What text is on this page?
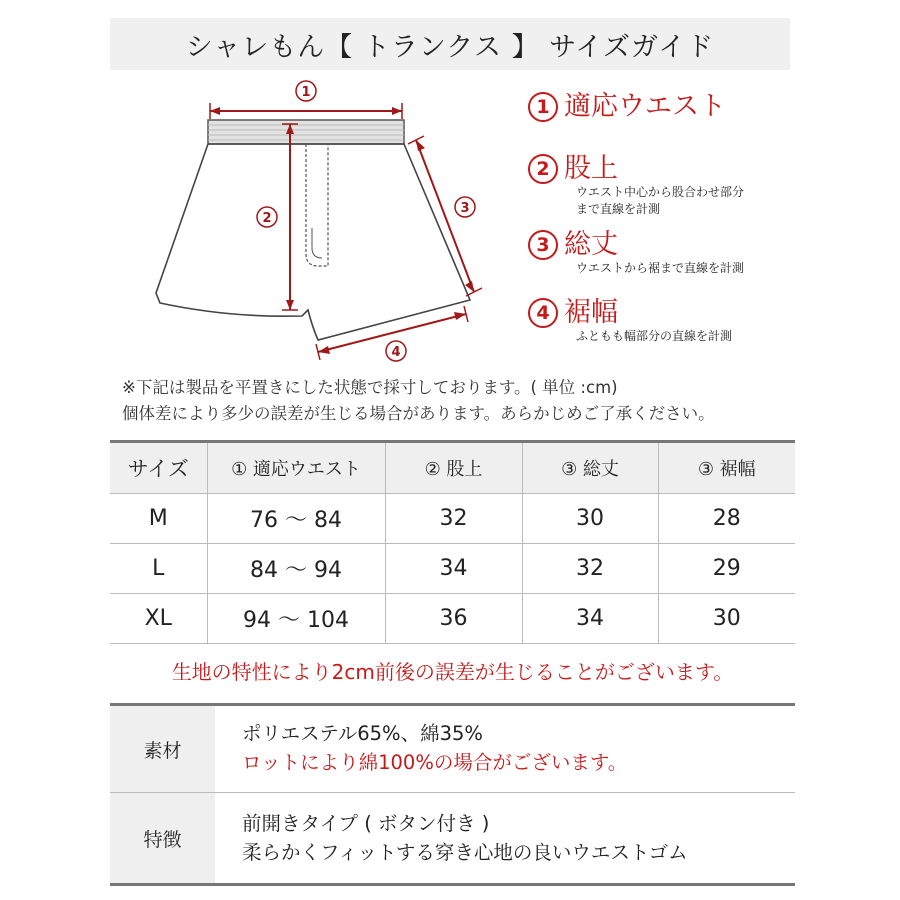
シャレもん【 トランクス 】 サイズガイド
1
2
3
4
1 適応ウエスト
2 股上
ウエスト中心から股合わせ部分
まで直線を計測
3 総丈
ウエストから裾まで直線を計測
4 裾幅
ふともも幅部分の直線を計測
※下記は製品を平置きにした状態で採寸しております。( 単位 :cm)
個体差により多少の誤差が生じる場合があります。あらかじめご了承ください。
サイズ	① 適応ウエスト	② 股上	③ 総丈	③ 裾幅
M	76 〜 84	32	30	28
L	84 〜 94	34	32	29
XL	94 〜 104	36	34	30
生地の特性により2cm前後の誤差が生じることがございます。
素材
ポリエステル65%、綿35%
ロットにより綿100%の場合がございます。
特徴
前開きタイプ ( ボタン付き )
柔らかくフィットする穿き心地の良いウエストゴム
